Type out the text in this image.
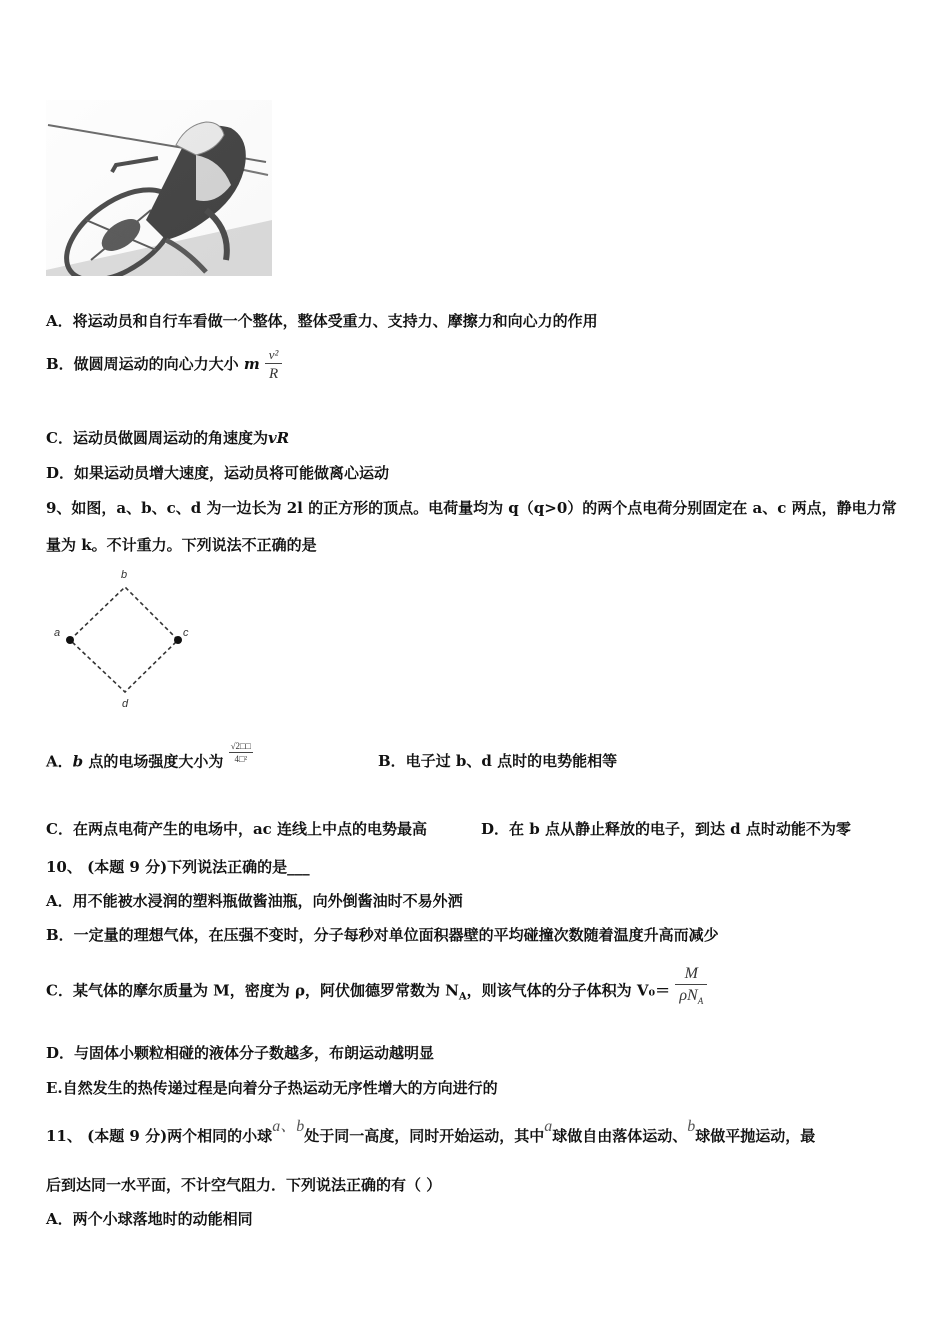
A．将运动员和自行车看做一个整体，整体受重力、支持力、摩擦力和向心力的作用
B．做圆周运动的向心力大小 m $\frac{\text{v²}}{R}$
C．运动员做圆周运动的角速度为vR
D．如果运动员增大速度，运动员将可能做离心运动
9、如图，a、b、c、d 为一边长为 2l 的正方形的顶点。电荷量均为 q（q>0）的两个点电荷分别固定在 a、c 两点，静电力常
量为 k。不计重力。下列说法不正确的是
a
b
c
d
A．b 点的电场强度大小为 $\frac{√2□□}{\text{4□²}}$	B．电子过 b、d 点时的电势能相等
C．在两点电荷产生的电场中，ac 连线上中点的电势最高	D．在 b 点从静止释放的电子，到达 d 点时动能不为零
10、 (本题 9 分)下列说法正确的是___
A．用不能被水浸润的塑料瓶做酱油瓶，向外倒酱油时不易外洒
B．一定量的理想气体，在压强不变时，分子每秒对单位面积器壁的平均碰撞次数随着温度升高而减少
C．某气体的摩尔质量为 M，密度为 ρ，阿伏伽德罗常数为 $N_A$，则该气体的分子体积为 $V_0= \frac{M}{\rho N_A}$
D．与固体小颗粒相碰的液体分子数越多，布朗运动越明显
E.自然发生的热传递过程是向着分子热运动无序性增大的方向进行的
11、 (本题 9 分)两个相同的小球a、b处于同一高度，同时开始运动，其中a球做自由落体运动、b球做平抛运动，最
后到达同一水平面，不计空气阻力．下列说法正确的有（ ）
A．两个小球落地时的动能相同
